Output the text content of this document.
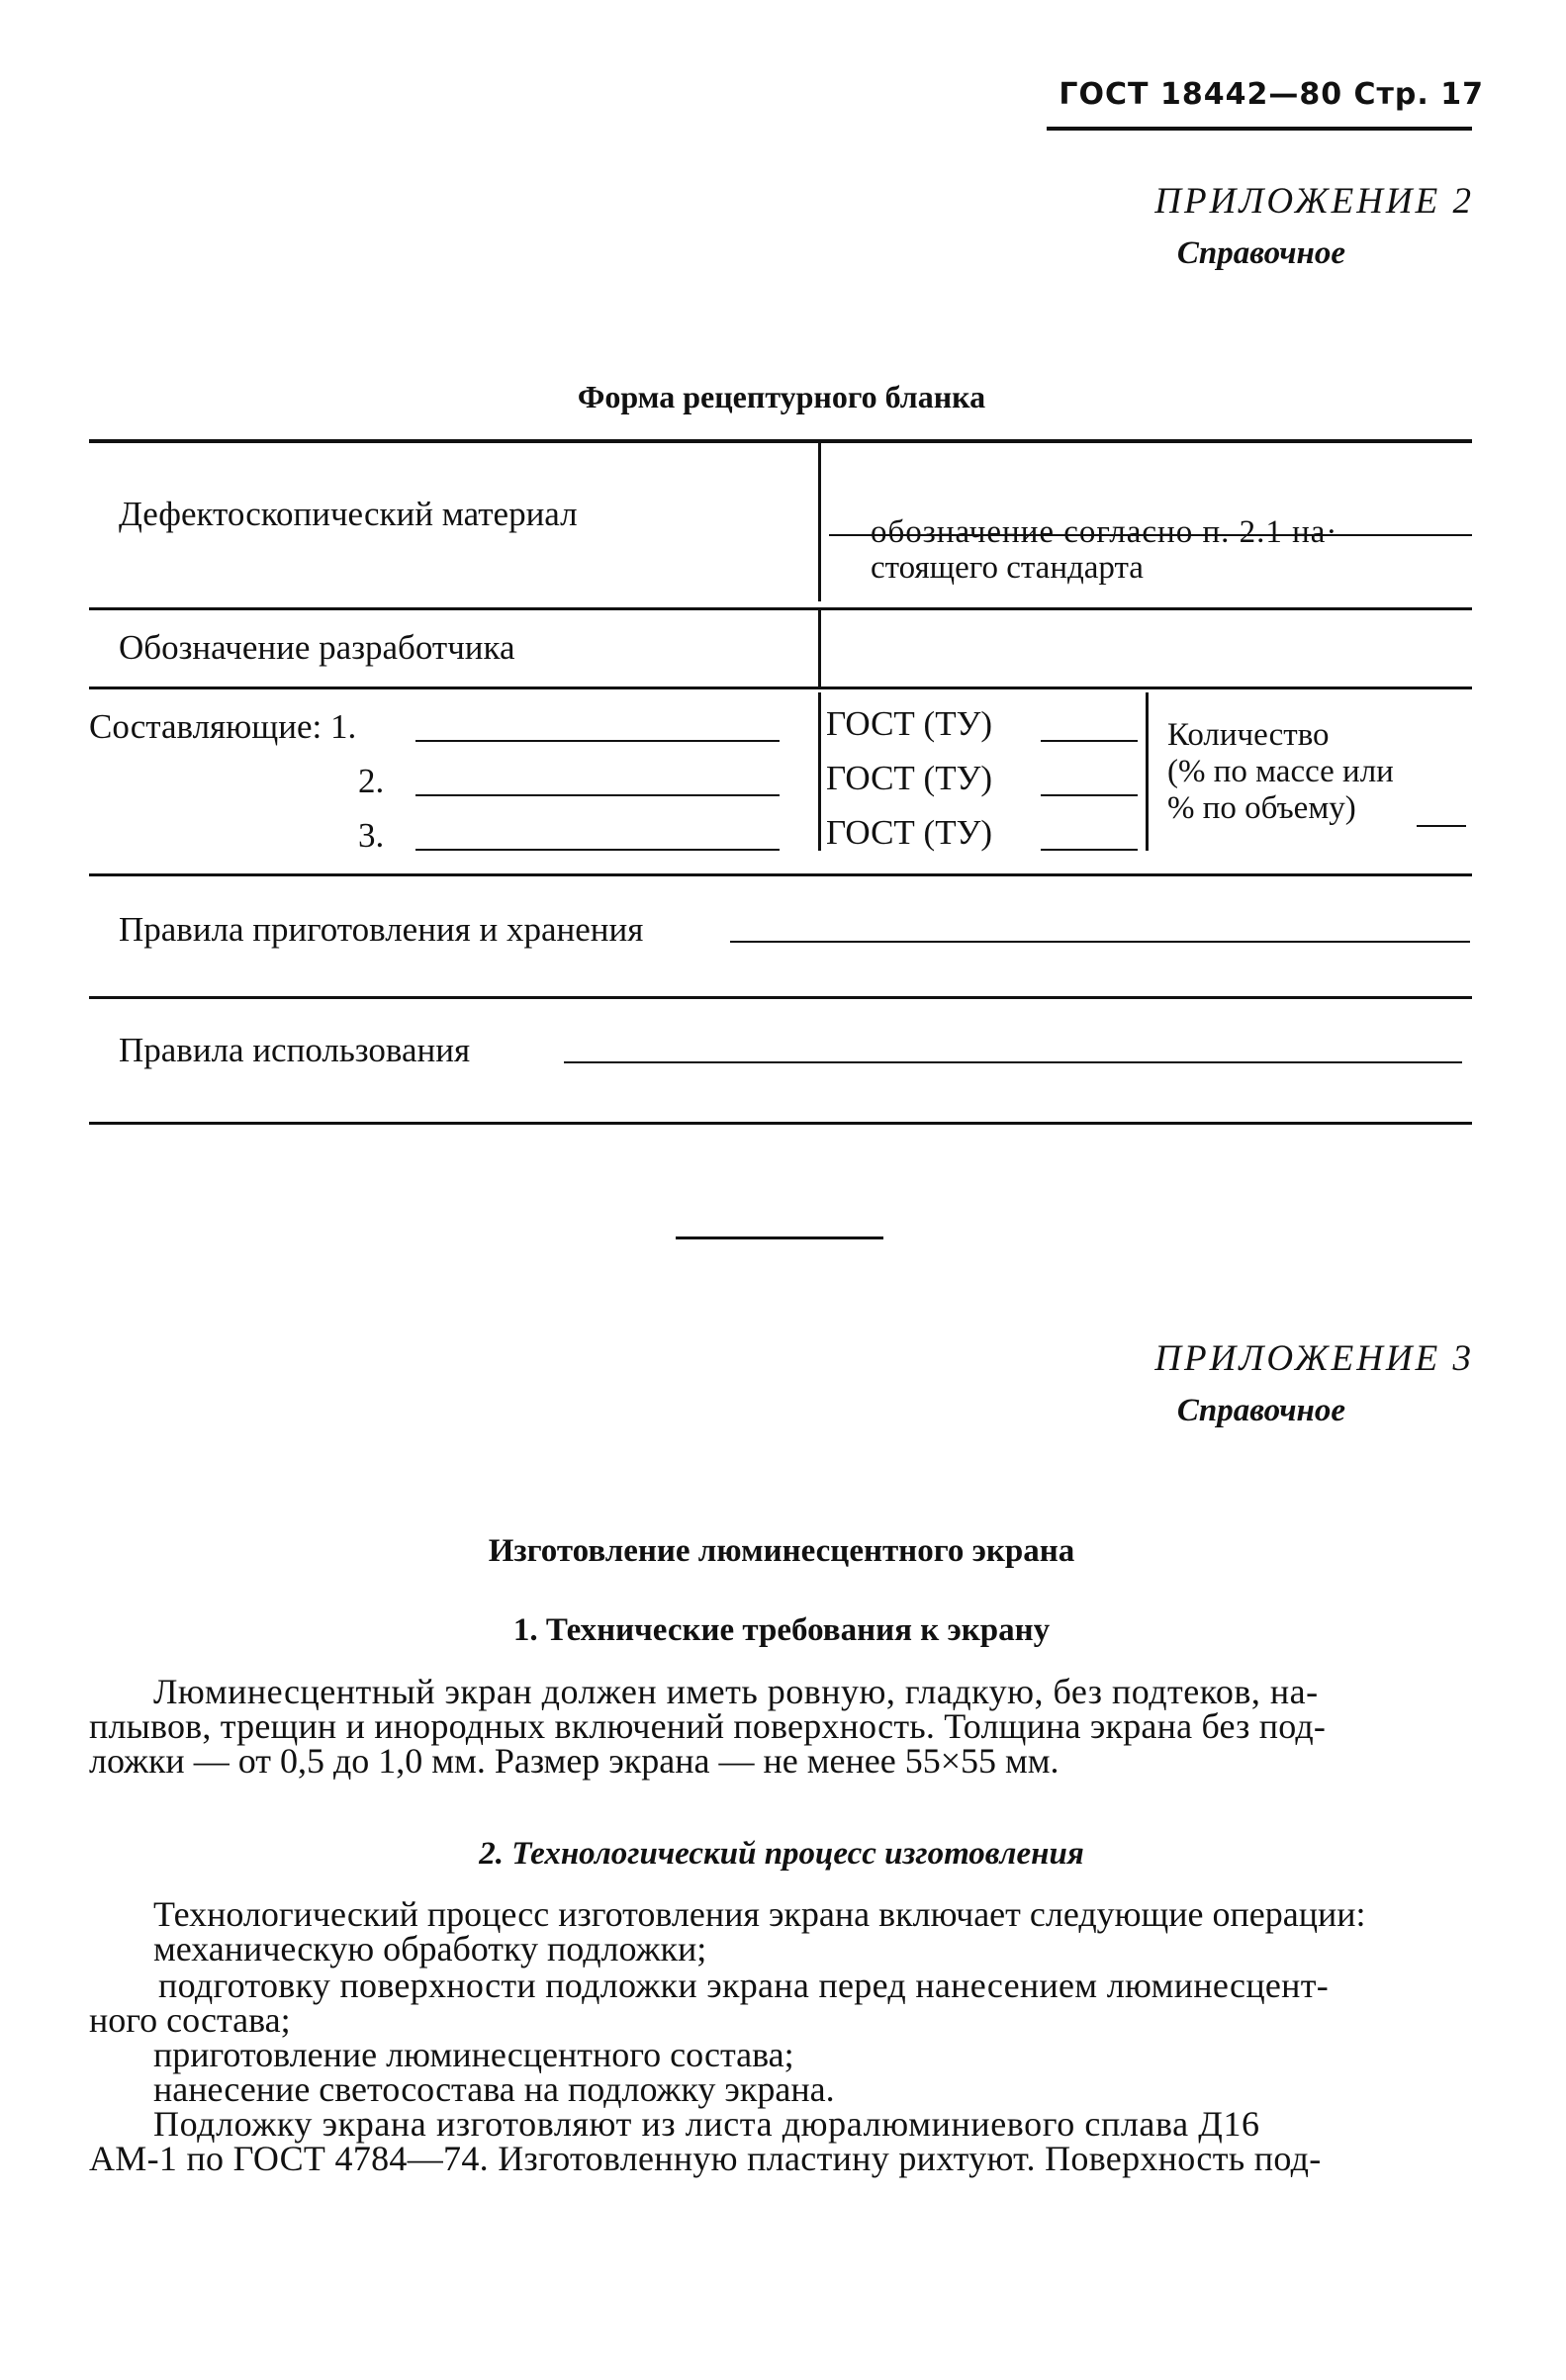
ГОСТ 18442—80 Стр. 17
ПРИЛОЖЕНИЕ 2
Справочное
Форма рецептурного бланка
Дефектоскопический материал	обозначение согласно п. 2.1 на·
стоящего стандарта
Обозначение разработчика
Составляющие: 1.
2.
3.
ГОСТ (ТУ)
ГОСТ (ТУ)
ГОСТ (ТУ)
Количество
(% по массе или
% по объему)
Правила приготовления и хранения
Правила использования
ПРИЛОЖЕНИЕ 3
Справочное
Изготовление люминесцентного экрана
1. Технические требования к экрану
Люминесцентный экран должен иметь ровную, гладкую, без подтеков, на-
плывов, трещин и инородных включений поверхность. Толщина экрана без под-
ложки — от 0,5 до 1,0 мм. Размер экрана — не менее 55×55 мм.
2. Технологический процесс изготовления
Технологический процесс изготовления экрана включает следующие операции:
механическую обработку подложки;
подготовку поверхности подложки экрана перед нанесением люминесцент-
ного состава;
приготовление люминесцентного состава;
нанесение светосостава на подложку экрана.
Подложку экрана изготовляют из листа дюралюминиевого сплава Д16
АМ-1 по ГОСТ 4784—74. Изготовленную пластину рихтуют. Поверхность под-
